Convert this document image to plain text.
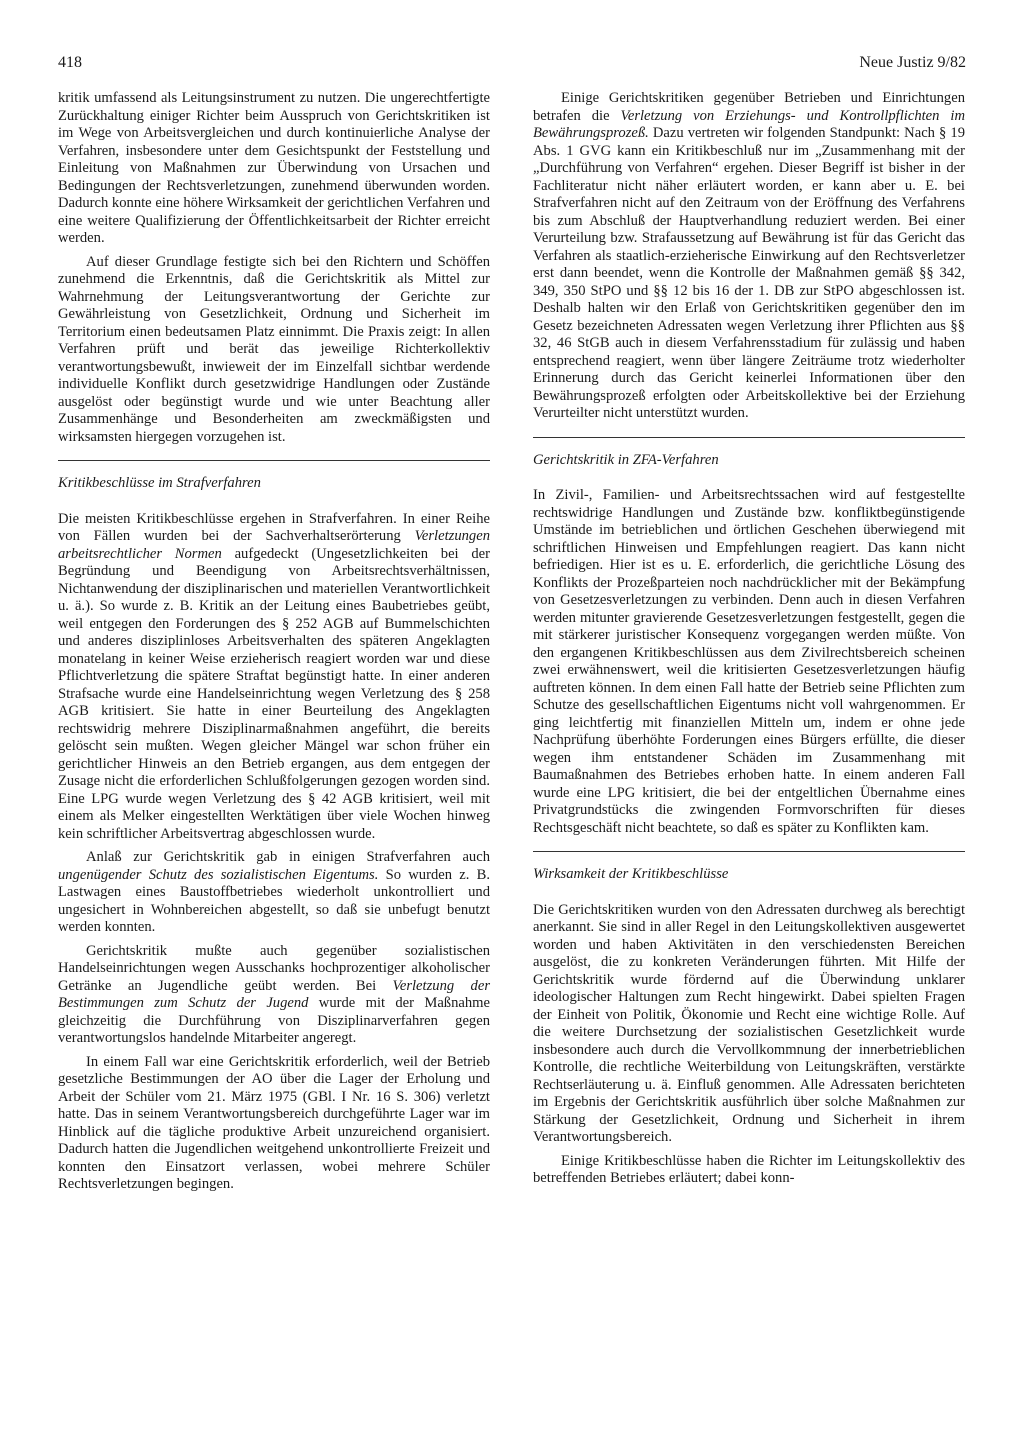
418	Neue Justiz 9/82

kritik umfassend als Leitungsinstrument zu nutzen. Die ungerechtfertigte Zurückhaltung einiger Richter beim Ausspruch von Gerichtskritiken ist im Wege von Arbeitsvergleichen und durch kontinuierliche Analyse der Verfahren, insbesondere unter dem Gesichtspunkt der Feststellung und Einleitung von Maßnahmen zur Überwindung von Ursachen und Bedingungen der Rechtsverletzungen, zunehmend überwunden worden. Dadurch konnte eine höhere Wirksamkeit der gerichtlichen Verfahren und eine weitere Qualifizierung der Öffentlichkeitsarbeit der Richter erreicht werden.

Auf dieser Grundlage festigte sich bei den Richtern und Schöffen zunehmend die Erkenntnis, daß die Gerichtskritik als Mittel zur Wahrnehmung der Leitungsverantwortung der Gerichte zur Gewährleistung von Gesetzlichkeit, Ordnung und Sicherheit im Territorium einen bedeutsamen Platz einnimmt. Die Praxis zeigt: In allen Verfahren prüft und berät das jeweilige Richterkollektiv verantwortungsbewußt, inwieweit der im Einzelfall sichtbar werdende individuelle Konflikt durch gesetzwidrige Handlungen oder Zustände ausgelöst oder begünstigt wurde und wie unter Beachtung aller Zusammenhänge und Besonderheiten am zweckmäßigsten und wirksamsten hiergegen vorzugehen ist.

Kritikbeschlüsse im Strafverfahren

Die meisten Kritikbeschlüsse ergehen in Strafverfahren. In einer Reihe von Fällen wurden bei der Sachverhaltserörterung Verletzungen arbeitsrechtlicher Normen aufgedeckt (Ungesetzlichkeiten bei der Begründung und Beendigung von Arbeitsrechtsverhältnissen, Nichtanwendung der disziplinarischen und materiellen Verantwortlichkeit u. ä.). So wurde z. B. Kritik an der Leitung eines Baubetriebes geübt, weil entgegen den Forderungen des § 252 AGB auf Bummelschichten und anderes disziplinloses Arbeitsverhalten des späteren Angeklagten monatelang in keiner Weise erzieherisch reagiert worden war und diese Pflichtverletzung die spätere Straftat begünstigt hatte. In einer anderen Strafsache wurde eine Handelseinrichtung wegen Verletzung des § 258 AGB kritisiert. Sie hatte in einer Beurteilung des Angeklagten rechtswidrig mehrere Disziplinarmaßnahmen angeführt, die bereits gelöscht sein mußten. Wegen gleicher Mängel war schon früher ein gerichtlicher Hinweis an den Betrieb ergangen, aus dem entgegen der Zusage nicht die erforderlichen Schlußfolgerungen gezogen worden sind. Eine LPG wurde wegen Verletzung des § 42 AGB kritisiert, weil mit einem als Melker eingestellten Werktätigen über viele Wochen hinweg kein schriftlicher Arbeitsvertrag abgeschlossen wurde.

Anlaß zur Gerichtskritik gab in einigen Strafverfahren auch ungenügender Schutz des sozialistischen Eigentums. So wurden z. B. Lastwagen eines Baustoffbetriebes wiederholt unkontrolliert und ungesichert in Wohnbereichen abgestellt, so daß sie unbefugt benutzt werden konnten.

Gerichtskritik mußte auch gegenüber sozialistischen Handelseinrichtungen wegen Ausschanks hochprozentiger alkoholischer Getränke an Jugendliche geübt werden. Bei Verletzung der Bestimmungen zum Schutz der Jugend wurde mit der Maßnahme gleichzeitig die Durchführung von Disziplinarverfahren gegen verantwortungslos handelnde Mitarbeiter angeregt.

In einem Fall war eine Gerichtskritik erforderlich, weil der Betrieb gesetzliche Bestimmungen der AO über die Lager der Erholung und Arbeit der Schüler vom 21. März 1975 (GBl. I Nr. 16 S. 306) verletzt hatte. Das in seinem Verantwortungsbereich durchgeführte Lager war im Hinblick auf die tägliche produktive Arbeit unzureichend organisiert. Dadurch hatten die Jugendlichen weitgehend unkontrollierte Freizeit und konnten den Einsatzort verlassen, wobei mehrere Schüler Rechtsverletzungen begingen.

Einige Gerichtskritiken gegenüber Betrieben und Einrichtungen betrafen die Verletzung von Erziehungs- und Kontrollpflichten im Bewährungsprozeß. Dazu vertreten wir folgenden Standpunkt: Nach § 19 Abs. 1 GVG kann ein Kritikbeschluß nur im „Zusammenhang mit der „Durchführung von Verfahren“ ergehen. Dieser Begriff ist bisher in der Fachliteratur nicht näher erläutert worden, er kann aber u. E. bei Strafverfahren nicht auf den Zeitraum von der Eröffnung des Verfahrens bis zum Abschluß der Hauptverhandlung reduziert werden. Bei einer Verurteilung bzw. Strafaussetzung auf Bewährung ist für das Gericht das Verfahren als staatlich-erzieherische Einwirkung auf den Rechtsverletzer erst dann beendet, wenn die Kontrolle der Maßnahmen gemäß §§ 342, 349, 350 StPO und §§ 12 bis 16 der 1. DB zur StPO abgeschlossen ist. Deshalb halten wir den Erlaß von Gerichtskritiken gegenüber den im Gesetz bezeichneten Adressaten wegen Verletzung ihrer Pflichten aus §§ 32, 46 StGB auch in diesem Verfahrensstadium für zulässig und haben entsprechend reagiert, wenn über längere Zeiträume trotz wiederholter Erinnerung durch das Gericht keinerlei Informationen über den Bewährungsprozeß erfolgten oder Arbeitskollektive bei der Erziehung Verurteilter nicht unterstützt wurden.

Gerichtskritik in ZFA-Verfahren

In Zivil-, Familien- und Arbeitsrechtssachen wird auf festgestellte rechtswidrige Handlungen und Zustände bzw. konfliktbegünstigende Umstände im betrieblichen und örtlichen Geschehen überwiegend mit schriftlichen Hinweisen und Empfehlungen reagiert. Das kann nicht befriedigen. Hier ist es u. E. erforderlich, die gerichtliche Lösung des Konflikts der Prozeßparteien noch nachdrücklicher mit der Bekämpfung von Gesetzesverletzungen zu verbinden. Denn auch in diesen Verfahren werden mitunter gravierende Gesetzesverletzungen festgestellt, gegen die mit stärkerer juristischer Konsequenz vorgegangen werden müßte. Von den ergangenen Kritikbeschlüssen aus dem Zivilrechtsbereich scheinen zwei erwähnenswert, weil die kritisierten Gesetzesverletzungen häufig auftreten können. In dem einen Fall hatte der Betrieb seine Pflichten zum Schutze des gesellschaftlichen Eigentums nicht voll wahrgenommen. Er ging leichtfertig mit finanziellen Mitteln um, indem er ohne jede Nachprüfung überhöhte Forderungen eines Bürgers erfüllte, die dieser wegen ihm entstandener Schäden im Zusammenhang mit Baumaßnahmen des Betriebes erhoben hatte. In einem anderen Fall wurde eine LPG kritisiert, die bei der entgeltlichen Übernahme eines Privatgrundstücks die zwingenden Formvorschriften für dieses Rechtsgeschäft nicht beachtete, so daß es später zu Konflikten kam.

Wirksamkeit der Kritikbeschlüsse

Die Gerichtskritiken wurden von den Adressaten durchweg als berechtigt anerkannt. Sie sind in aller Regel in den Leitungskollektiven ausgewertet worden und haben Aktivitäten in den verschiedensten Bereichen ausgelöst, die zu konkreten Veränderungen führten. Mit Hilfe der Gerichtskritik wurde fördernd auf die Überwindung unklarer ideologischer Haltungen zum Recht hingewirkt. Dabei spielten Fragen der Einheit von Politik, Ökonomie und Recht eine wichtige Rolle. Auf die weitere Durchsetzung der sozialistischen Gesetzlichkeit wurde insbesondere auch durch die Vervollkommnung der innerbetrieblichen Kontrolle, die rechtliche Weiterbildung von Leitungskräften, verstärkte Rechtserläuterung u. ä. Einfluß genommen. Alle Adressaten berichteten im Ergebnis der Gerichtskritik ausführlich über solche Maßnahmen zur Stärkung der Gesetzlichkeit, Ordnung und Sicherheit in ihrem Verantwortungsbereich.

Einige Kritikbeschlüsse haben die Richter im Leitungskollektiv des betreffenden Betriebes erläutert; dabei konn-
